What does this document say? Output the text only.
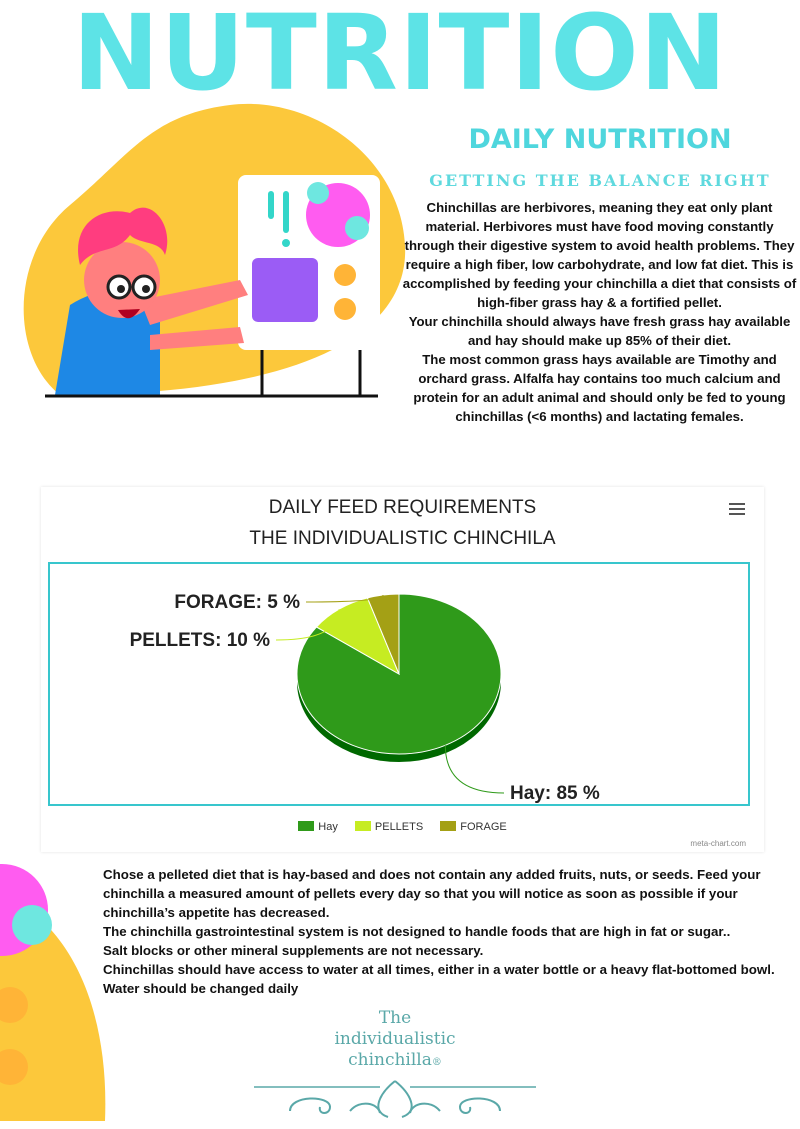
NUTRITION
DAILY NUTRITION
GETTING THE BALANCE RIGHT

Chinchillas are herbivores, meaning they eat only plant material. Herbivores must have food moving constantly through their digestive system to avoid health problems. They require a high fiber, low carbohydrate, and low fat diet. This is accomplished by feeding your chinchilla a diet that consists of high-fiber grass hay & a fortified pellet.

Your chinchilla should always have fresh grass hay available and hay should make up 85% of their diet.

The most common grass hays available are Timothy and orchard grass. Alfalfa hay contains too much calcium and protein for an adult animal and should only be fed to young chinchillas (<6 months) and lactating females.

DAILY FEED REQUIREMENTS
THE INDIVIDUALISTIC CHINCHILA
Hay: 85 %
PELLETS: 10 %
FORAGE: 5 %
Hay	PELLETS	FORAGE
meta-chart.com

Chose a pelleted diet that is hay-based and does not contain any added fruits, nuts, or seeds. Feed your chinchilla a measured amount of pellets every day so that you will notice as soon as possible if your chinchilla’s appetite has decreased.

The chinchilla gastrointestinal system is not designed to handle foods that are high in fat or sugar..

Salt blocks or other mineral supplements are not necessary.

Chinchillas should have access to water at all times, either in a water bottle or a heavy flat-bottomed bowl.

Water should be changed daily

The
individualistic
chinchilla®
